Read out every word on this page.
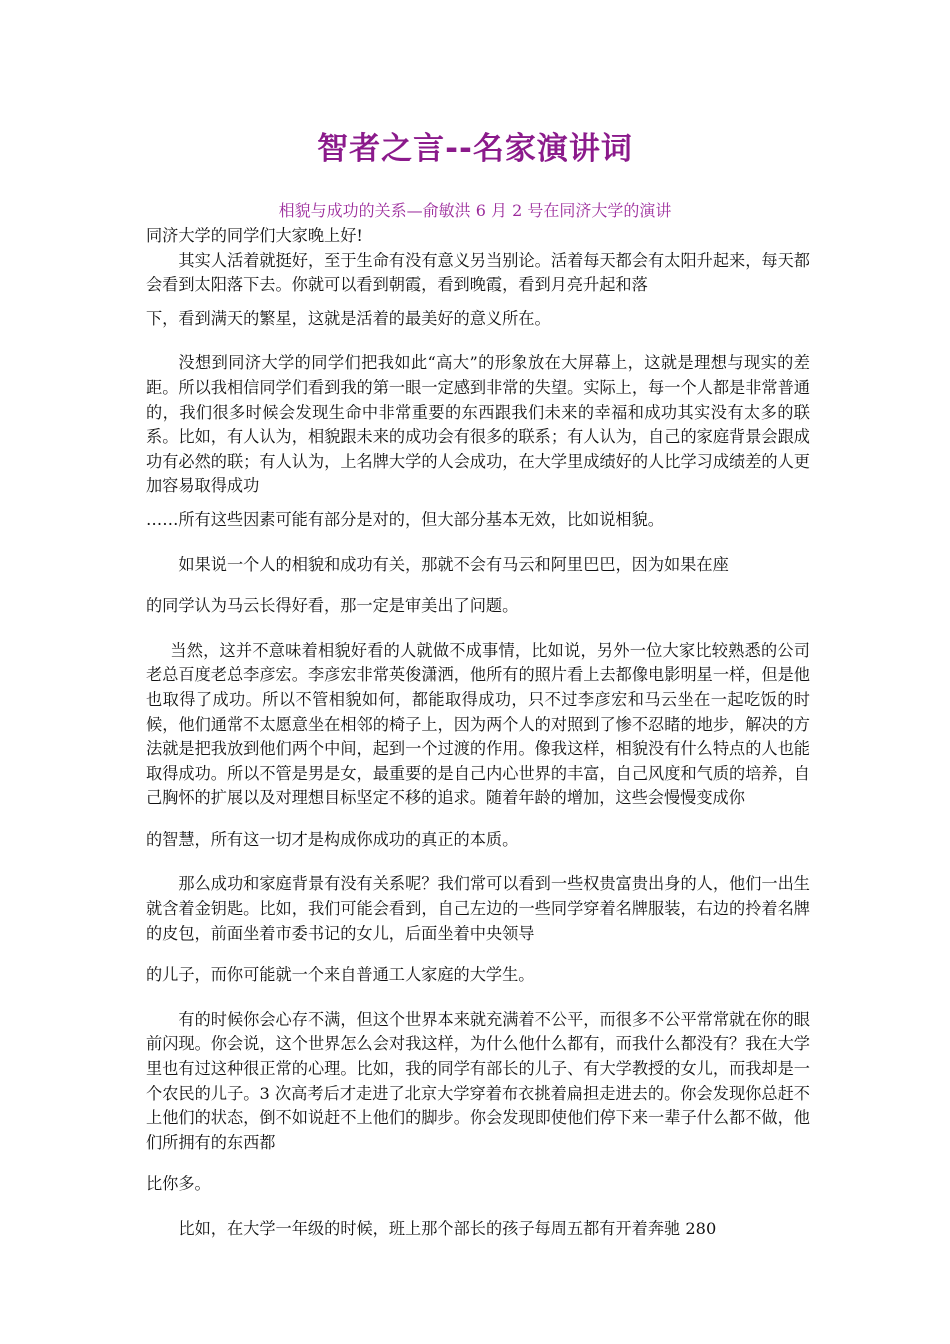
智者之言--名家演讲词
相貌与成功的关系—俞敏洪 6 月 2 号在同济大学的演讲

同济大学的同学们大家晚上好!

其实人活着就挺好，至于生命有没有意义另当别论。活着每天都会有太阳升起来，每天都会看到太阳落下去。你就可以看到朝霞，看到晚霞，看到月亮升起和落

下，看到满天的繁星，这就是活着的最美好的意义所在。

没想到同济大学的同学们把我如此“高大”的形象放在大屏幕上，这就是理想与现实的差距。所以我相信同学们看到我的第一眼一定感到非常的失望。实际上，每一个人都是非常普通的，我们很多时候会发现生命中非常重要的东西跟我们未来的幸福和成功其实没有太多的联系。比如，有人认为，相貌跟未来的成功会有很多的联系；有人认为，自己的家庭背景会跟成功有必然的联；有人认为，上名牌大学的人会成功，在大学里成绩好的人比学习成绩差的人更加容易取得成功

……所有这些因素可能有部分是对的，但大部分基本无效，比如说相貌。

如果说一个人的相貌和成功有关，那就不会有马云和阿里巴巴，因为如果在座

的同学认为马云长得好看，那一定是审美出了问题。

当然，这并不意味着相貌好看的人就做不成事情，比如说，另外一位大家比较熟悉的公司老总百度老总李彦宏。李彦宏非常英俊潇洒，他所有的照片看上去都像电影明星一样，但是他也取得了成功。所以不管相貌如何，都能取得成功，只不过李彦宏和马云坐在一起吃饭的时候，他们通常不太愿意坐在相邻的椅子上，因为两个人的对照到了惨不忍睹的地步，解决的方法就是把我放到他们两个中间，起到一个过渡的作用。像我这样，相貌没有什么特点的人也能取得成功。所以不管是男是女，最重要的是自己内心世界的丰富，自己风度和气质的培养，自己胸怀的扩展以及对理想目标坚定不移的追求。随着年龄的增加，这些会慢慢变成你

的智慧，所有这一切才是构成你成功的真正的本质。

那么成功和家庭背景有没有关系呢？我们常可以看到一些权贵富贵出身的人，他们一出生就含着金钥匙。比如，我们可能会看到，自己左边的一些同学穿着名牌服装，右边的拎着名牌的皮包，前面坐着市委书记的女儿，后面坐着中央领导

的儿子，而你可能就一个来自普通工人家庭的大学生。

有的时候你会心存不满，但这个世界本来就充满着不公平，而很多不公平常常就在你的眼前闪现。你会说，这个世界怎么会对我这样，为什么他什么都有，而我什么都没有？我在大学里也有过这种很正常的心理。比如，我的同学有部长的儿子、有大学教授的女儿，而我却是一个农民的儿子。3 次高考后才走进了北京大学穿着布衣挑着扁担走进去的。你会发现你总赶不上他们的状态，倒不如说赶不上他们的脚步。你会发现即使他们停下来一辈子什么都不做，他们所拥有的东西都

比你多。

比如，在大学一年级的时候，班上那个部长的孩子每周五都有开着奔驰 280
